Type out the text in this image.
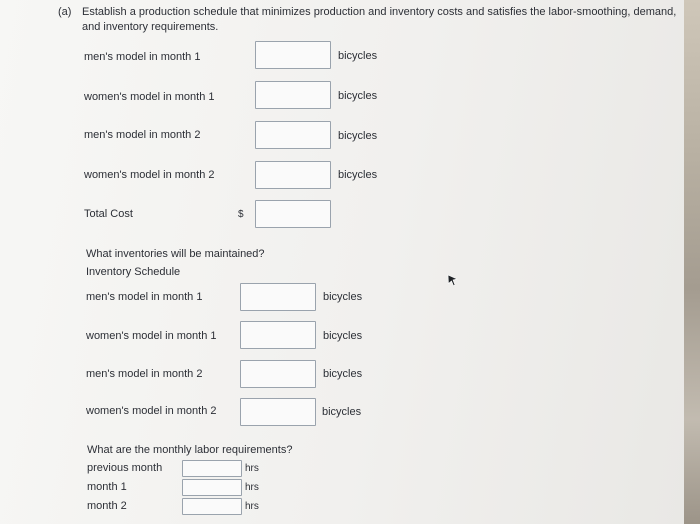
(a) Establish a production schedule that minimizes production and inventory costs and satisfies the labor-smoothing, demand, and inventory requirements.
men's model in month 1	bicycles
women's model in month 1	bicycles
men's model in month 2	bicycles
women's model in month 2	bicycles
Total Cost	$
What inventories will be maintained?
Inventory Schedule
men's model in month 1	bicycles
women's model in month 1	bicycles
men's model in month 2	bicycles
women's model in month 2	bicycles
What are the monthly labor requirements?
previous month	hrs
month 1	hrs
month 2	hrs
